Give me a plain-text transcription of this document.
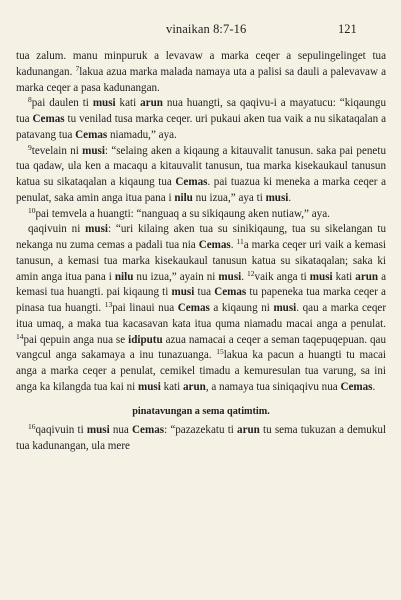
vinaikan 8:7-16	121

tua zalum. manu minpuruk a levavaw a marka ceqer a sepulingelinget tua kadunangan. $^7$lakua azua marka malada namaya uta a palisi sa dauli a palevavaw a marka ceqer a pasa kadunangan.

$^8$pai daulen ti musi kati arun nua huangti, sa qaqivu-i a mayatucu: “kiqaungu tua Cemas tu venilad tusa marka ceqer. uri pukaui aken tua vaik a nu sikataqalan a patavang tua Cemas niamadu,” aya.

$^9$tevelain ni musi: “selaing aken a kiqaung a kitauvalit tanusun. saka pai penetu tua qadaw, ula ken a macaqu a kitauvalit tanusun, tua marka kisekaukaul tanusun katua su sikataqalan a kiqaung tua Cemas. pai tuazua ki meneka a marka ceqer a penulat, saka amin anga itua pana i nilu nu izua,” aya ti musi.

$^{10}$pai temvela a huangti: “nanguaq a su sikiqaung aken nutiaw,” aya.

qaqivuin ni musi: “uri kilaing aken tua su sinikiqaung, tua su sikelangan tu nekanga nu zuma cemas a padali tua nia Cemas. $^{11}$a marka ceqer uri vaik a kemasi tanusun, a kemasi tua marka kisekaukaul tanusun katua su sikataqalan; saka ki amin anga itua pana i nilu nu izua,” ayain ni musi. $^{12}$vaik anga ti musi kati arun a kemasi tua huangti. pai kiqaung ti musi tua Cemas tu papeneka tua marka ceqer a pinasa tua huangti. $^{13}$pai linaui nua Cemas a kiqaung ni musi. qau a marka ceqer itua umaq, a maka tua kacasavan kata itua quma niamadu macai anga a penulat. $^{14}$pai qepuin anga nua se idiputu azua namacai a ceqer a seman taqepuqepuan. qau vangcul anga sakamaya a inu tunazuanga. $^{15}$lakua ka pacun a huangti tu macai anga a marka ceqer a penulat, cemikel timadu a kemuresulan tua varung, sa ini anga ka kilangda tua kai ni musi kati arun, a namaya tua siniqaqivu nua Cemas.

pinatavungan a sema qatimtim.

$^{16}$qaqivuin ti musi nua Cemas: “pazazekatu ti arun tu sema tukuzan a demukul tua kadunangan, ula mere
